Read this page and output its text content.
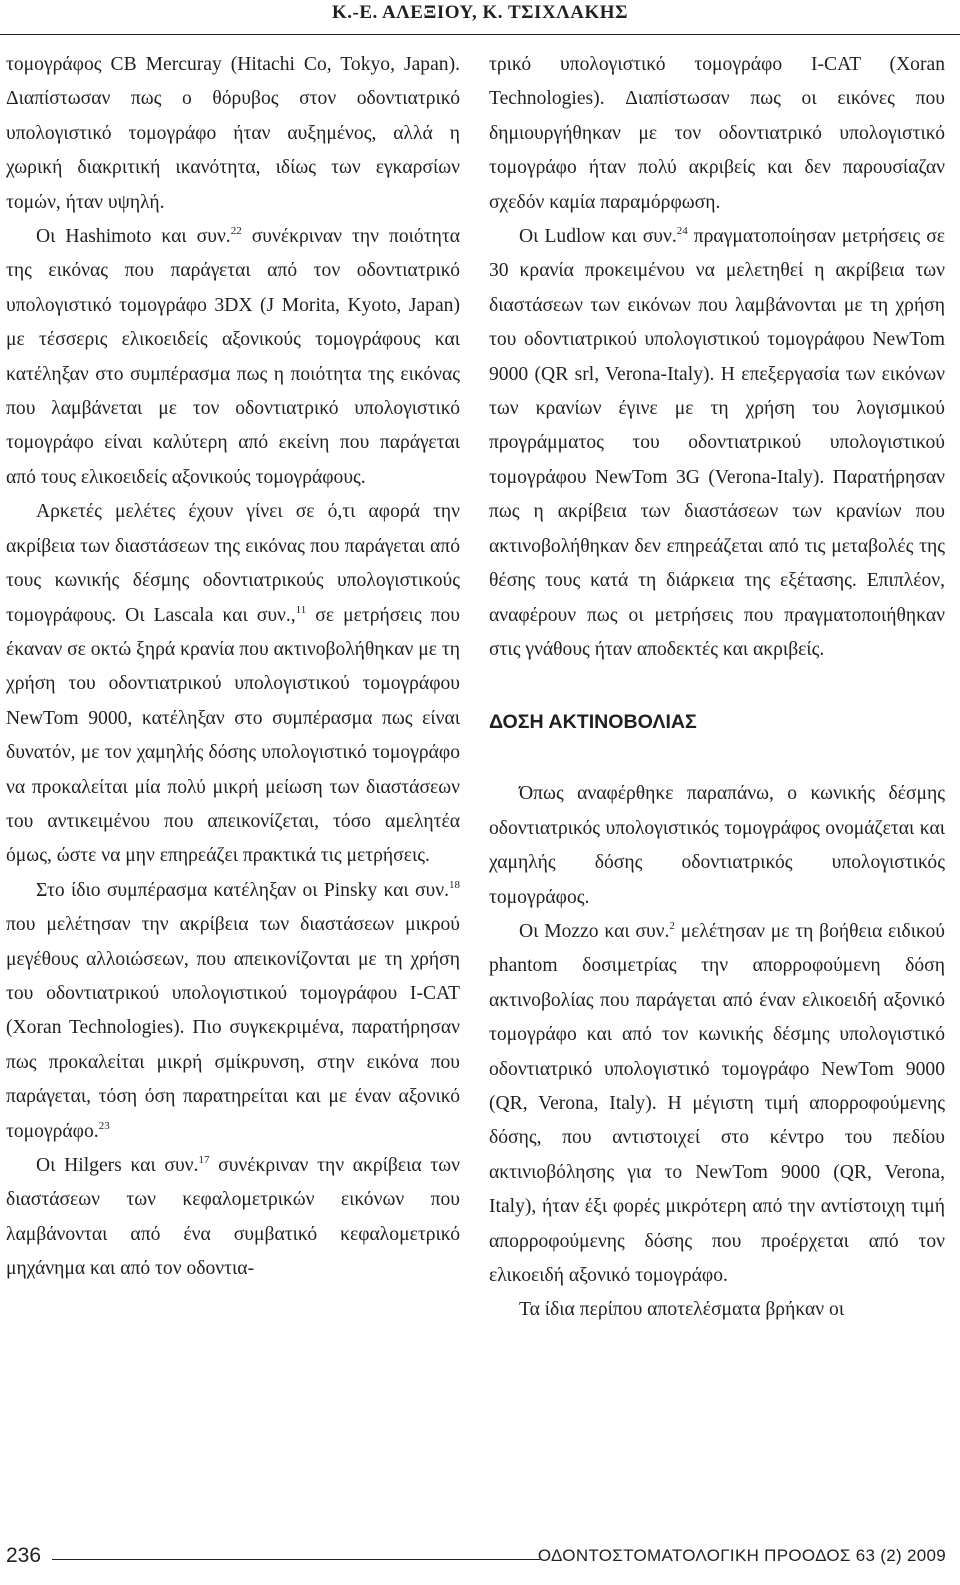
Κ.-Ε. ΑΛΕΞΙΟΥ, Κ. ΤΣΙΧΛΑΚΗΣ

τομογράφος CB Mercuray (Hitachi Co, Tokyo, Japan). Διαπίστωσαν πως ο θόρυβος στον οδοντιατρικό υπολογιστικό τομογράφο ήταν αυξημένος, αλλά η χωρική διακριτική ικανότητα, ιδίως των εγκαρσίων τομών, ήταν υψηλή.

Οι Hashimoto και συν.$^{22}$ συνέκριναν την ποιότητα της εικόνας που παράγεται από τον οδοντιατρικό υπολογιστικό τομογράφο 3DX (J Morita, Kyoto, Japan) με τέσσερις ελικοειδείς αξονικούς τομογράφους και κατέληξαν στο συμπέρασμα πως η ποιότητα της εικόνας που λαμβάνεται με τον οδοντιατρικό υπολογιστικό τομογράφο είναι καλύτερη από εκείνη που παράγεται από τους ελικοειδείς αξονικούς τομογράφους.

Αρκετές μελέτες έχουν γίνει σε ό,τι αφορά την ακρίβεια των διαστάσεων της εικόνας που παράγεται από τους κωνικής δέσμης οδοντιατρικούς υπολογιστικούς τομογράφους. Οι Lascala και συν.,$^{11}$ σε μετρήσεις που έκαναν σε οκτώ ξηρά κρανία που ακτινοβολήθηκαν με τη χρήση του οδοντιατρικού υπολογιστικού τομογράφου NewTom 9000, κατέληξαν στο συμπέρασμα πως είναι δυνατόν, με τον χαμηλής δόσης υπολογιστικό τομογράφο να προκαλείται μία πολύ μικρή μείωση των διαστάσεων του αντικειμένου που απεικονίζεται, τόσο αμελητέα όμως, ώστε να μην επηρεάζει πρακτικά τις μετρήσεις.

Στο ίδιο συμπέρασμα κατέληξαν οι Pinsky και συν.$^{18}$ που μελέτησαν την ακρίβεια των διαστάσεων μικρού μεγέθους αλλοιώσεων, που απεικονίζονται με τη χρήση του οδοντιατρικού υπολογιστικού τομογράφου I-CAT (Xoran Technologies). Πιο συγκεκριμένα, παρατήρησαν πως προκαλείται μικρή σμίκρυνση, στην εικόνα που παράγεται, τόση όση παρατηρείται και με έναν αξονικό τομογράφο.$^{23}$

Οι Hilgers και συν.$^{17}$ συνέκριναν την ακρίβεια των διαστάσεων των κεφαλομετρικών εικόνων που λαμβάνονται από ένα συμβατικό κεφαλομετρικό μηχάνημα και από τον οδοντια-

τρικό υπολογιστικό τομογράφο I-CAT (Xoran Technologies). Διαπίστωσαν πως οι εικόνες που δημιουργήθηκαν με τον οδοντιατρικό υπολογιστικό τομογράφο ήταν πολύ ακριβείς και δεν παρουσίαζαν σχεδόν καμία παραμόρφωση.

Οι Ludlow και συν.$^{24}$ πραγματοποίησαν μετρήσεις σε 30 κρανία προκειμένου να μελετηθεί η ακρίβεια των διαστάσεων των εικόνων που λαμβάνονται με τη χρήση του οδοντιατρικού υπολογιστικού τομογράφου NewTom 9000 (QR srl, Verona-Italy). Η επεξεργασία των εικόνων των κρανίων έγινε με τη χρήση του λογισμικού προγράμματος του οδοντιατρικού υπολογιστικού τομογράφου NewTom 3G (Verona-Italy). Παρατήρησαν πως η ακρίβεια των διαστάσεων των κρανίων που ακτινοβολήθηκαν δεν επηρεάζεται από τις μεταβολές της θέσης τους κατά τη διάρκεια της εξέτασης. Επιπλέον, αναφέρουν πως οι μετρήσεις που πραγματοποιήθηκαν στις γνάθους ήταν αποδεκτές και ακριβείς.

ΔΟΣΗ ΑΚΤΙΝΟΒΟΛΙΑΣ

Όπως αναφέρθηκε παραπάνω, ο κωνικής δέσμης οδοντιατρικός υπολογιστικός τομογράφος ονομάζεται και χαμηλής δόσης οδοντιατρικός υπολογιστικός τομογράφος.

Οι Mozzo και συν.$^2$ μελέτησαν με τη βοήθεια ειδικού phantom δοσιμετρίας την απορροφούμενη δόση ακτινοβολίας που παράγεται από έναν ελικοειδή αξονικό τομογράφο και από τον κωνικής δέσμης υπολογιστικό οδοντιατρικό υπολογιστικό τομογράφο NewTom 9000 (QR, Verona, Italy). Η μέγιστη τιμή απορροφούμενης δόσης, που αντιστοιχεί στο κέντρο του πεδίου ακτινιοβόλησης για το NewTom 9000 (QR, Verona, Italy), ήταν έξι φορές μικρότερη από την αντίστοιχη τιμή απορροφούμενης δόσης που προέρχεται από τον ελικοειδή αξονικό τομογράφο.

Τα ίδια περίπου αποτελέσματα βρήκαν οι

236	ΟΔΟΝΤΟΣΤΟΜΑΤΟΛΟΓΙΚΗ ΠΡΟΟΔΟΣ 63 (2) 2009
